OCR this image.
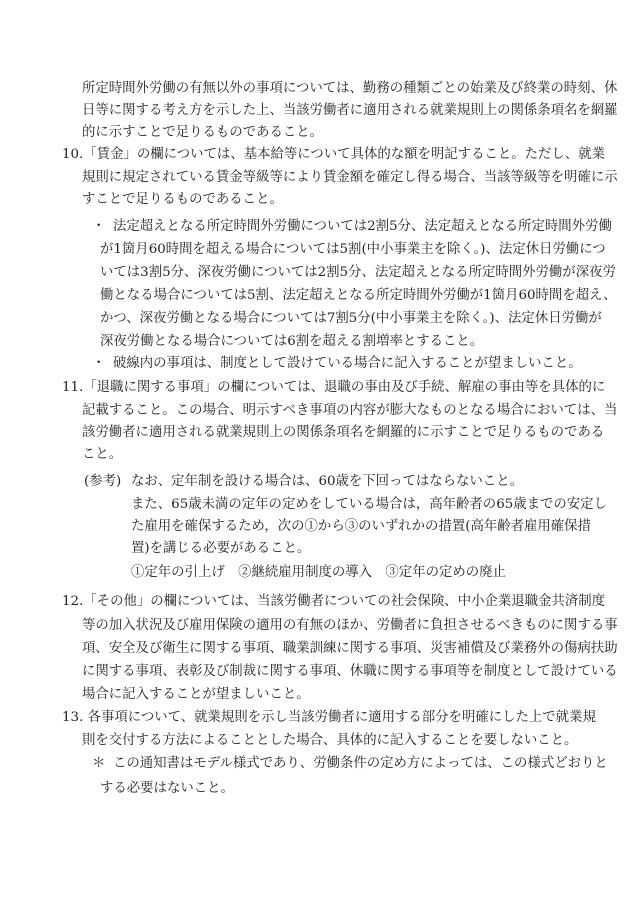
所定時間外労働の有無以外の事項については、勤務の種類ごとの始業及び終業の時刻、休
日等に関する考え方を示した上、当該労働者に適用される就業規則上の関係条項名を網羅
的に示すことで足りるものであること。
10.「賃金」の欄については、基本給等について具体的な額を明記すること。ただし、就業
規則に規定されている賃金等級等により賃金額を確定し得る場合、当該等級等を明確に示
すことで足りるものであること。
・ 法定超えとなる所定時間外労働については2割5分、法定超えとなる所定時間外労働
が1箇月60時間を超える場合については5割(中小事業主を除く。)、法定休日労働につ
いては3割5分、深夜労働については2割5分、法定超えとなる所定時間外労働が深夜労
働となる場合については5割、法定超えとなる所定時間外労働が1箇月60時間を超え、
かつ、深夜労働となる場合については7割5分(中小事業主を除く。)、法定休日労働が
深夜労働となる場合については6割を超える割増率とすること。
・ 破線内の事項は、制度として設けている場合に記入することが望ましいこと。
11.「退職に関する事項」の欄については、退職の事由及び手続、解雇の事由等を具体的に
記載すること。この場合、明示すべき事項の内容が膨大なものとなる場合においては、当
該労働者に適用される就業規則上の関係条項名を網羅的に示すことで足りるものである
こと。
(参考) なお、定年制を設ける場合は、60歳を下回ってはならないこと。
また、65歳未満の定年の定めをしている場合は，高年齢者の65歳までの安定し
た雇用を確保するため，次の①から③のいずれかの措置(高年齢者雇用確保措
置)を講じる必要があること。
①定年の引上げ　②継続雇用制度の導入　③定年の定めの廃止
12.「その他」の欄については、当該労働者についての社会保険、中小企業退職金共済制度
等の加入状況及び雇用保険の適用の有無のほか、労働者に負担させるべきものに関する事
項、安全及び衛生に関する事項、職業訓練に関する事項、災害補償及び業務外の傷病扶助
に関する事項、表彰及び制裁に関する事項、休職に関する事項等を制度として設けている
場合に記入することが望ましいこと。
13. 各事項について、就業規則を示し当該労働者に適用する部分を明確にした上で就業規
則を交付する方法によることとした場合、具体的に記入することを要しないこと。
＊ この通知書はモデル様式であり、労働条件の定め方によっては、この様式どおりと
する必要はないこと。
